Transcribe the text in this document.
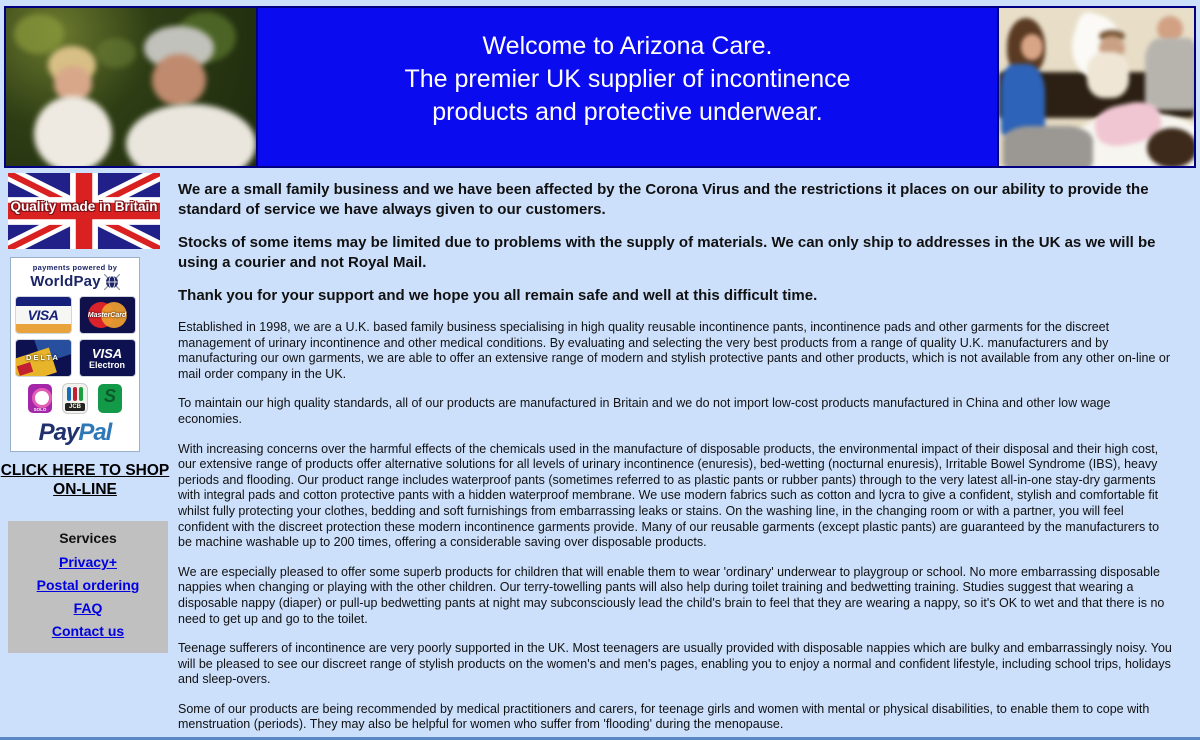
Welcome to Arizona Care.
The premier UK supplier of incontinence
products and protective underwear.
Quality made in Britain
payments powered by
WorldPay
VISA	MasterCard
DELTA	VISA
Electron
SOLO	JCB
S
PayPal
CLICK HERE TO SHOP ON-LINE
Services
Privacy+
Postal ordering
FAQ
Contact us

We are a small family business and we have been affected by the Corona Virus and the restrictions it places on our ability to provide the standard of service we have always given to our customers.

Stocks of some items may be limited due to problems with the supply of materials. We can only ship to addresses in the UK as we will be using a courier and not Royal Mail.

Thank you for your support and we hope you all remain safe and well at this difficult time.

Established in 1998, we are a U.K. based family business specialising in high quality reusable incontinence pants, incontinence pads and other garments for the discreet management of urinary incontinence and other medical conditions. By evaluating and selecting the very best products from a range of quality U.K. manufacturers and by manufacturing our own garments, we are able to offer an extensive range of modern and stylish protective pants and other products, which is not available from any other on-line or mail order company in the UK.

To maintain our high quality standards, all of our products are manufactured in Britain and we do not import low-cost products manufactured in China and other low wage economies.

With increasing concerns over the harmful effects of the chemicals used in the manufacture of disposable products, the environmental impact of their disposal and their high cost, our extensive range of products offer alternative solutions for all levels of urinary incontinence (enuresis), bed-wetting (nocturnal enuresis), Irritable Bowel Syndrome (IBS), heavy periods and flooding. Our product range includes waterproof pants (sometimes referred to as plastic pants or rubber pants) through to the very latest all-in-one stay-dry garments with integral pads and cotton protective pants with a hidden waterproof membrane. We use modern fabrics such as cotton and lycra to give a confident, stylish and comfortable fit whilst fully protecting your clothes, bedding and soft furnishings from embarrassing leaks or stains. On the washing line, in the changing room or with a partner, you will feel confident with the discreet protection these modern incontinence garments provide. Many of our reusable garments (except plastic pants) are guaranteed by the manufacturers to be machine washable up to 200 times, offering a considerable saving over disposable products.

We are especially pleased to offer some superb products for children that will enable them to wear 'ordinary' underwear to playgroup or school. No more embarrassing disposable nappies when changing or playing with the other children. Our terry-towelling pants will also help during toilet training and bedwetting training. Studies suggest that wearing a disposable nappy (diaper) or pull-up bedwetting pants at night may subconsciously lead the child's brain to feel that they are wearing a nappy, so it's OK to wet and that there is no need to get up and go to the toilet.

Teenage sufferers of incontinence are very poorly supported in the UK. Most teenagers are usually provided with disposable nappies which are bulky and embarrassingly noisy. You will be pleased to see our discreet range of stylish products on the women's and men's pages, enabling you to enjoy a normal and confident lifestyle, including school trips, holidays and sleep-overs.

Some of our products are being recommended by medical practitioners and carers, for teenage girls and women with mental or physical disabilities, to enable them to cope with menstruation (periods). They may also be helpful for women who suffer from 'flooding' during the menopause.
